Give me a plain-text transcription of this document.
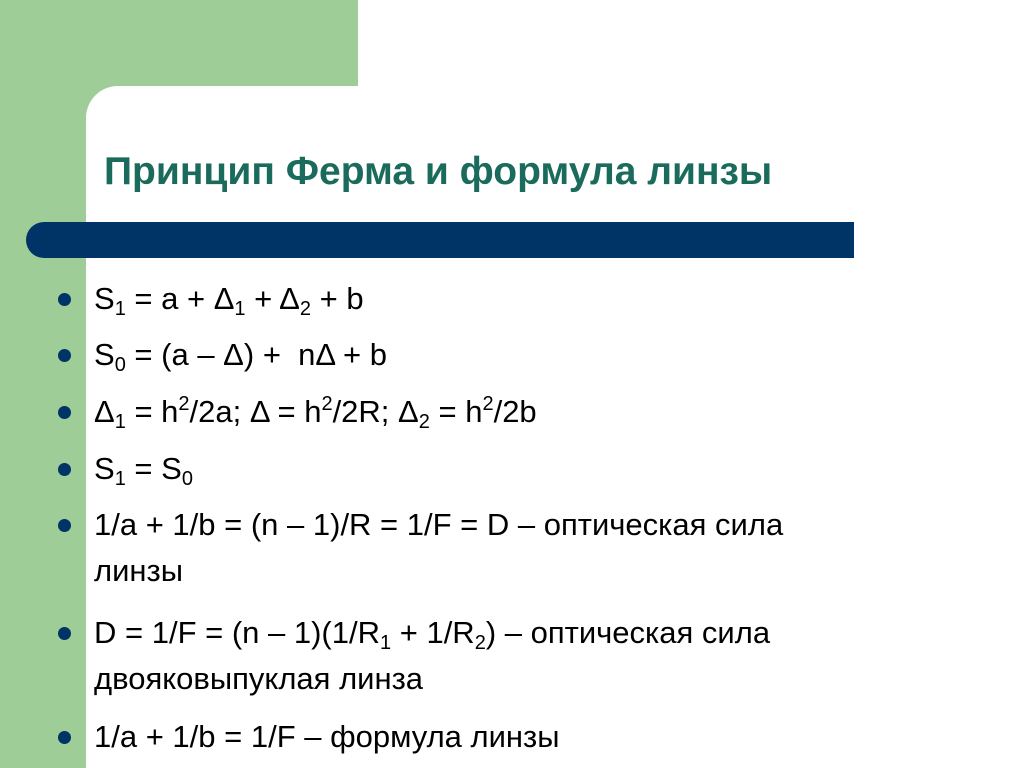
Принцип Ферма и формула линзы
$S_1 = a + \Delta_1 + \Delta_2 + b$
$S_0 = (a - \Delta) + n\Delta + b$
$\Delta_1 = h^2/2a$; $\Delta = h^2/2R$; $\Delta_2 = h^2/2b$
$S_1 = S_0$
1/a + 1/b = (n – 1)/R = 1/F = D – оптическая сила
линзы
$D = 1/F = (n - 1)(1/R_1 + 1/R_2)$ – оптическая сила
двояковыпуклая линза
1/a + 1/b = 1/F – формула линзы
